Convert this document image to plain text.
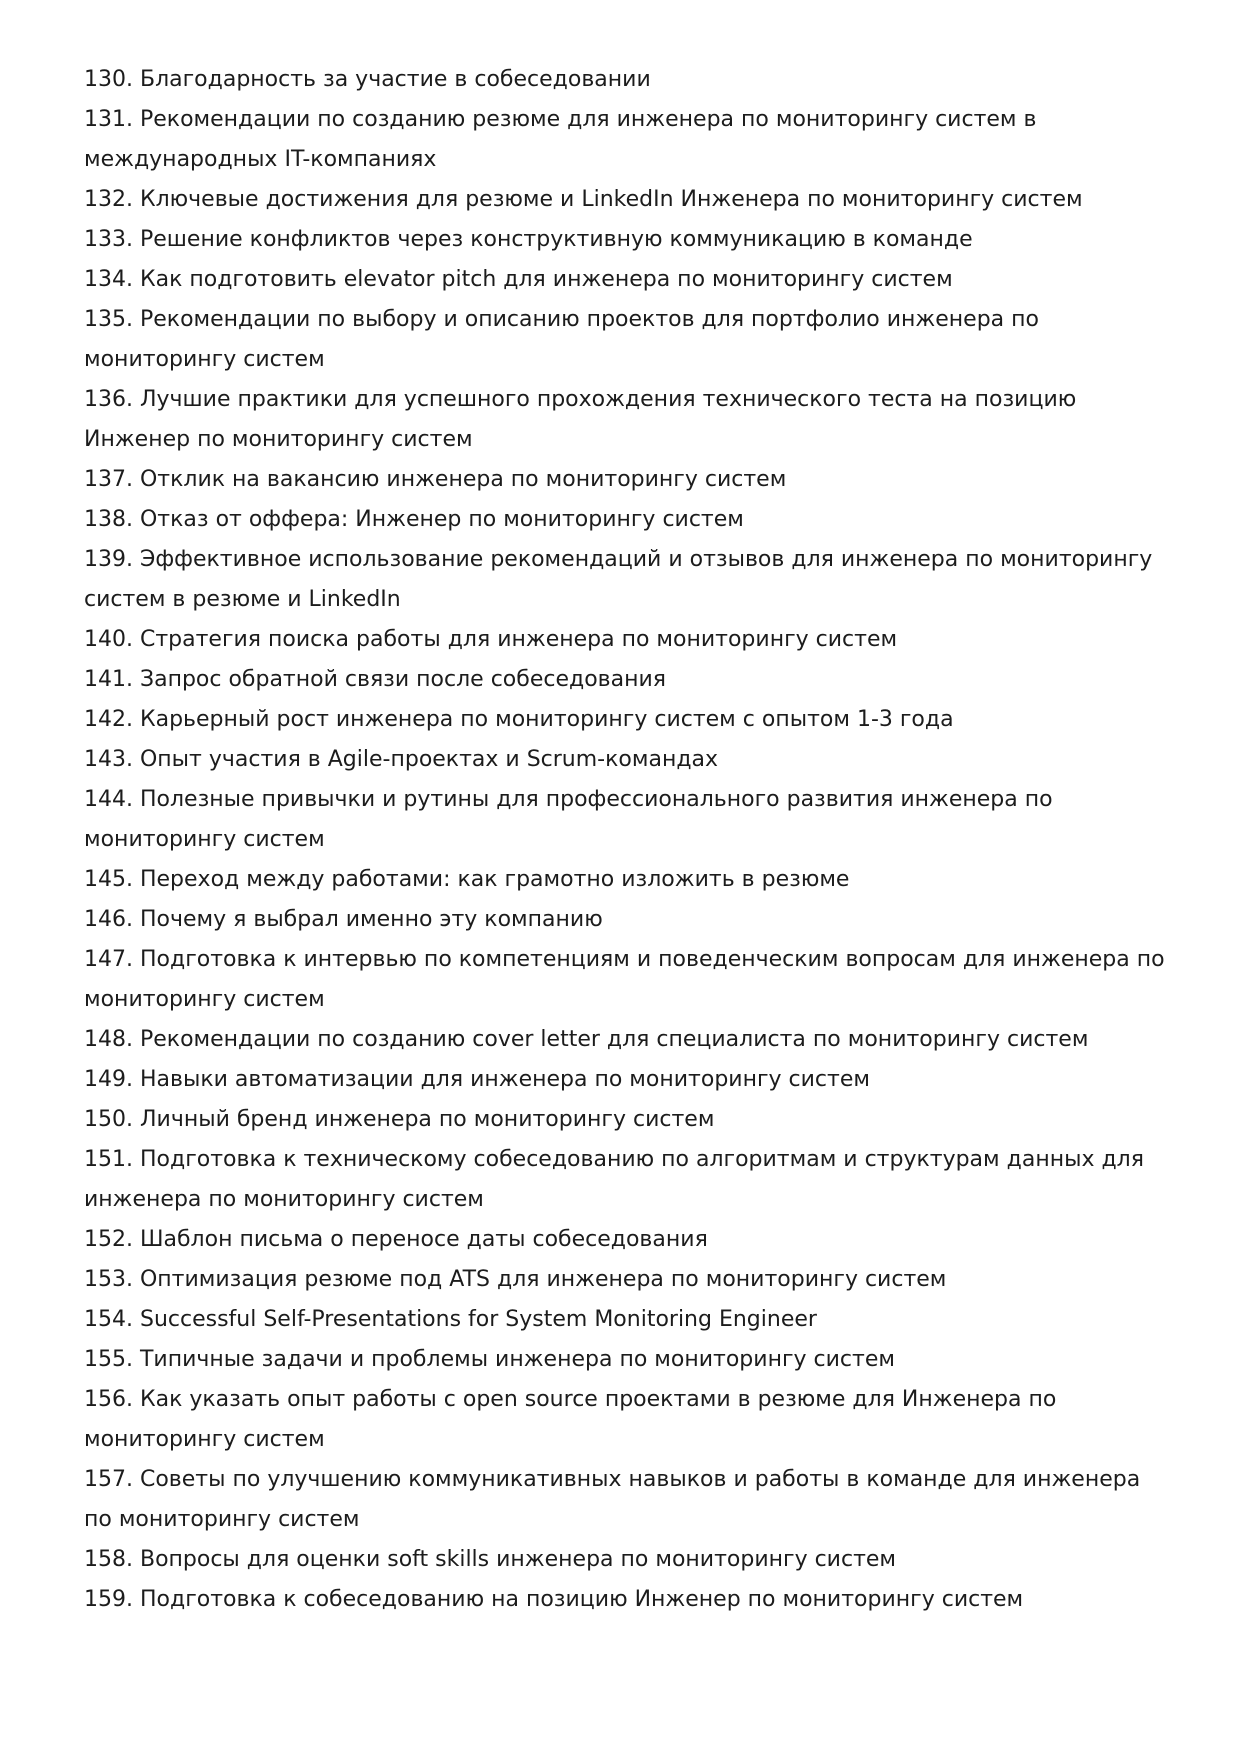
130. Благодарность за участие в собеседовании
131. Рекомендации по созданию резюме для инженера по мониторингу систем в международных IT-компаниях
132. Ключевые достижения для резюме и LinkedIn Инженера по мониторингу систем
133. Решение конфликтов через конструктивную коммуникацию в команде
134. Как подготовить elevator pitch для инженера по мониторингу систем
135. Рекомендации по выбору и описанию проектов для портфолио инженера по мониторингу систем
136. Лучшие практики для успешного прохождения технического теста на позицию Инженер по мониторингу систем
137. Отклик на вакансию инженера по мониторингу систем
138. Отказ от оффера: Инженер по мониторингу систем
139. Эффективное использование рекомендаций и отзывов для инженера по мониторингу систем в резюме и LinkedIn
140. Стратегия поиска работы для инженера по мониторингу систем
141. Запрос обратной связи после собеседования
142. Карьерный рост инженера по мониторингу систем с опытом 1-3 года
143. Опыт участия в Agile-проектах и Scrum-командах
144. Полезные привычки и рутины для профессионального развития инженера по мониторингу систем
145. Переход между работами: как грамотно изложить в резюме
146. Почему я выбрал именно эту компанию
147. Подготовка к интервью по компетенциям и поведенческим вопросам для инженера по мониторингу систем
148. Рекомендации по созданию cover letter для специалиста по мониторингу систем
149. Навыки автоматизации для инженера по мониторингу систем
150. Личный бренд инженера по мониторингу систем
151. Подготовка к техническому собеседованию по алгоритмам и структурам данных для инженера по мониторингу систем
152. Шаблон письма о переносе даты собеседования
153. Оптимизация резюме под ATS для инженера по мониторингу систем
154. Successful Self-Presentations for System Monitoring Engineer
155. Типичные задачи и проблемы инженера по мониторингу систем
156. Как указать опыт работы с open source проектами в резюме для Инженера по мониторингу систем
157. Советы по улучшению коммуникативных навыков и работы в команде для инженера по мониторингу систем
158. Вопросы для оценки soft skills инженера по мониторингу систем
159. Подготовка к собеседованию на позицию Инженер по мониторингу систем
